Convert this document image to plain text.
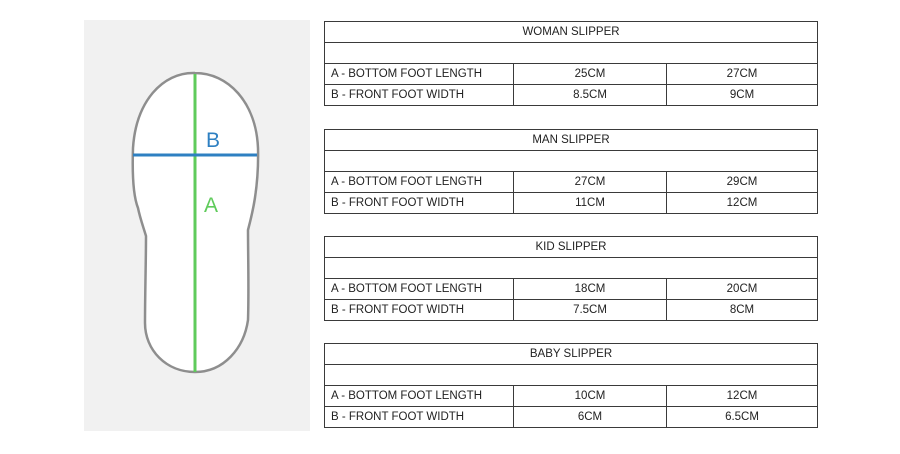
B
A
WOMAN SLIPPER		

A - BOTTOM FOOT LENGTH	25CM	27CM
B - FRONT FOOT WIDTH	8.5CM	9CM
MAN SLIPPER		

A - BOTTOM FOOT LENGTH	27CM	29CM
B - FRONT FOOT WIDTH	11CM	12CM
KID SLIPPER		

A - BOTTOM FOOT LENGTH	18CM	20CM
B - FRONT FOOT WIDTH	7.5CM	8CM
BABY SLIPPER		

A - BOTTOM FOOT LENGTH	10CM	12CM
B - FRONT FOOT WIDTH	6CM	6.5CM
